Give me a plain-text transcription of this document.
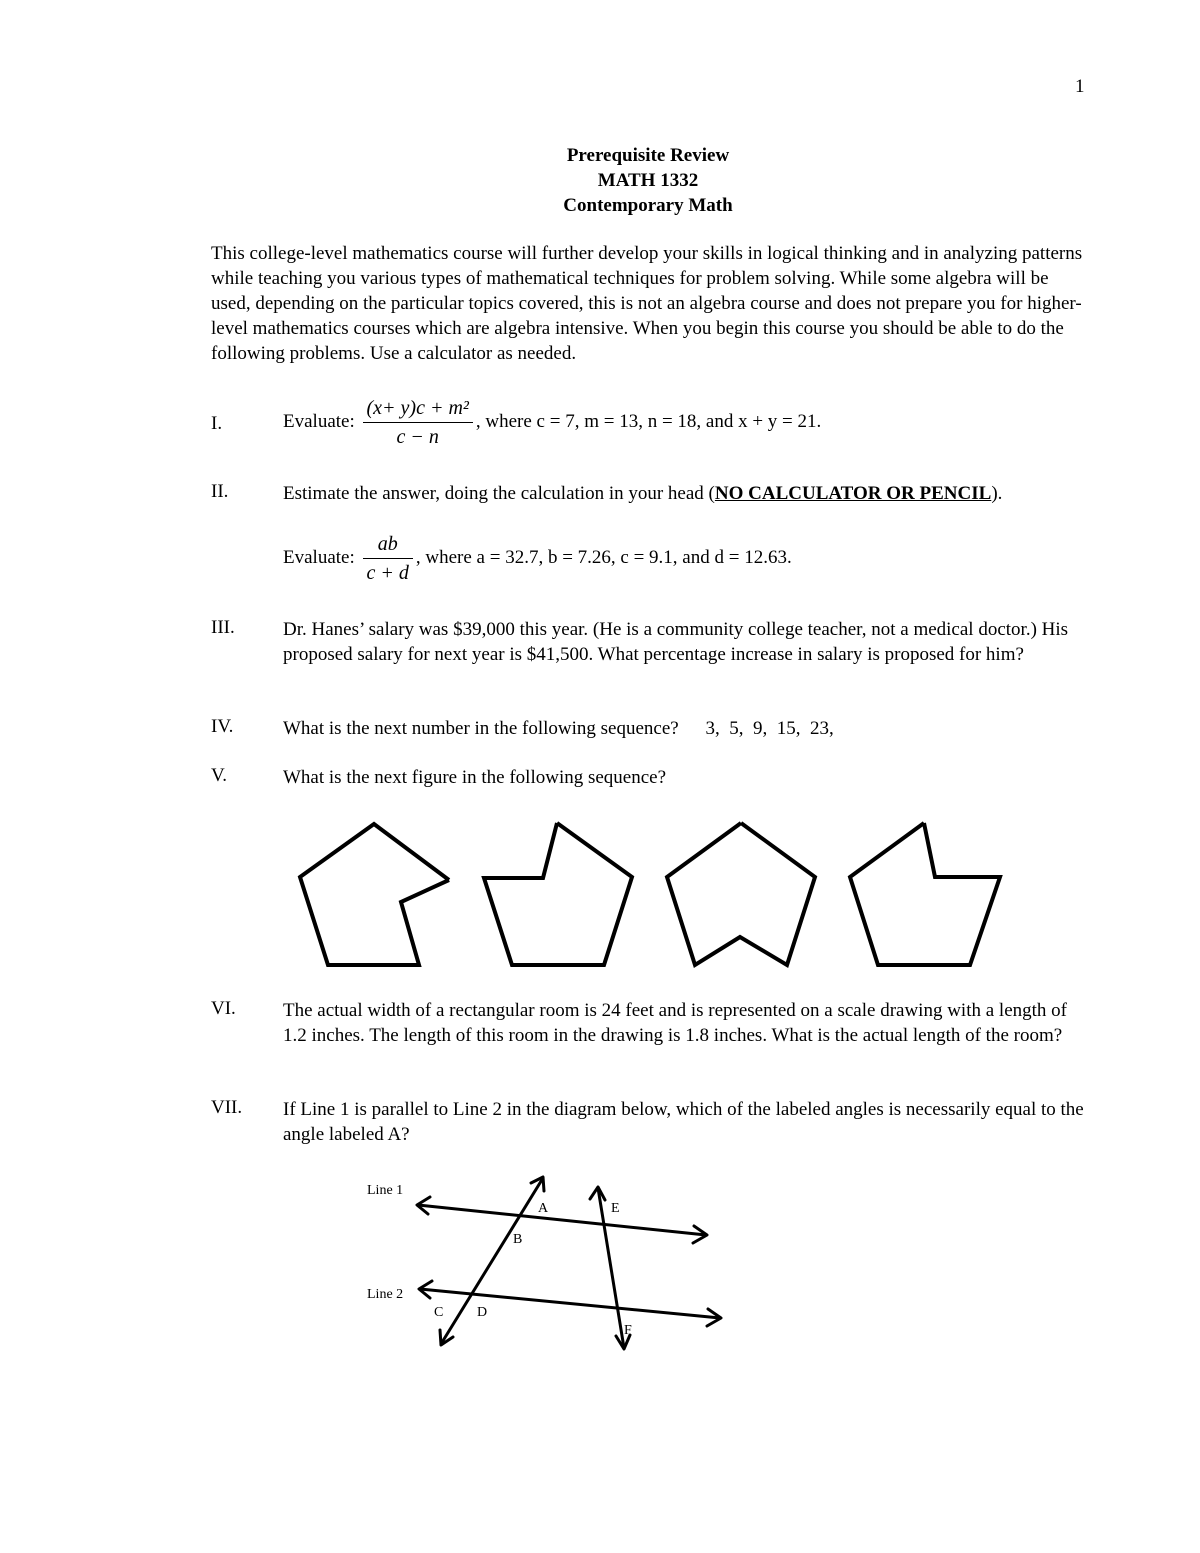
1
Prerequisite Review
MATH 1332
Contemporary Math
This college-level mathematics course will further develop your skills in logical thinking and in analyzing patterns while teaching you various types of mathematical techniques for problem solving. While some algebra will be used, depending on the particular topics covered, this is not an algebra course and does not prepare you for higher-level mathematics courses which are algebra intensive. When you begin this course you should be able to do the following problems. Use a calculator as needed.
I.	Evaluate: $\frac{\text{(x+ y)c + m²}}{c - n}$ , where c = 7, m = 13, n = 18, and x + y = 21.
II.	Estimate the answer, doing the calculation in your head (NO CALCULATOR OR PENCIL).
Evaluate: $\frac{ab}{c + d}$ , where a = 32.7, b = 7.26, c = 9.1, and d = 12.63.
III.	Dr. Hanes’ salary was $39,000 this year. (He is a community college teacher, not a medical doctor.) His proposed salary for next year is $41,500. What percentage increase in salary is proposed for him?
IV.	What is the next number in the following sequence? 3,  5,  9,  15,  23,
V.	What is the next figure in the following sequence?
VI. The actual width of a rectangular room is 24 feet and is represented on a scale drawing with a length of 1.2 inches. The length of this room in the drawing is 1.8 inches. What is the actual length of the room?
VII. If Line 1 is parallel to Line 2 in the diagram below, which of the labeled angles is necessarily equal to the angle labeled A?
Line 1
Line 2
A
B
C D
E
F
